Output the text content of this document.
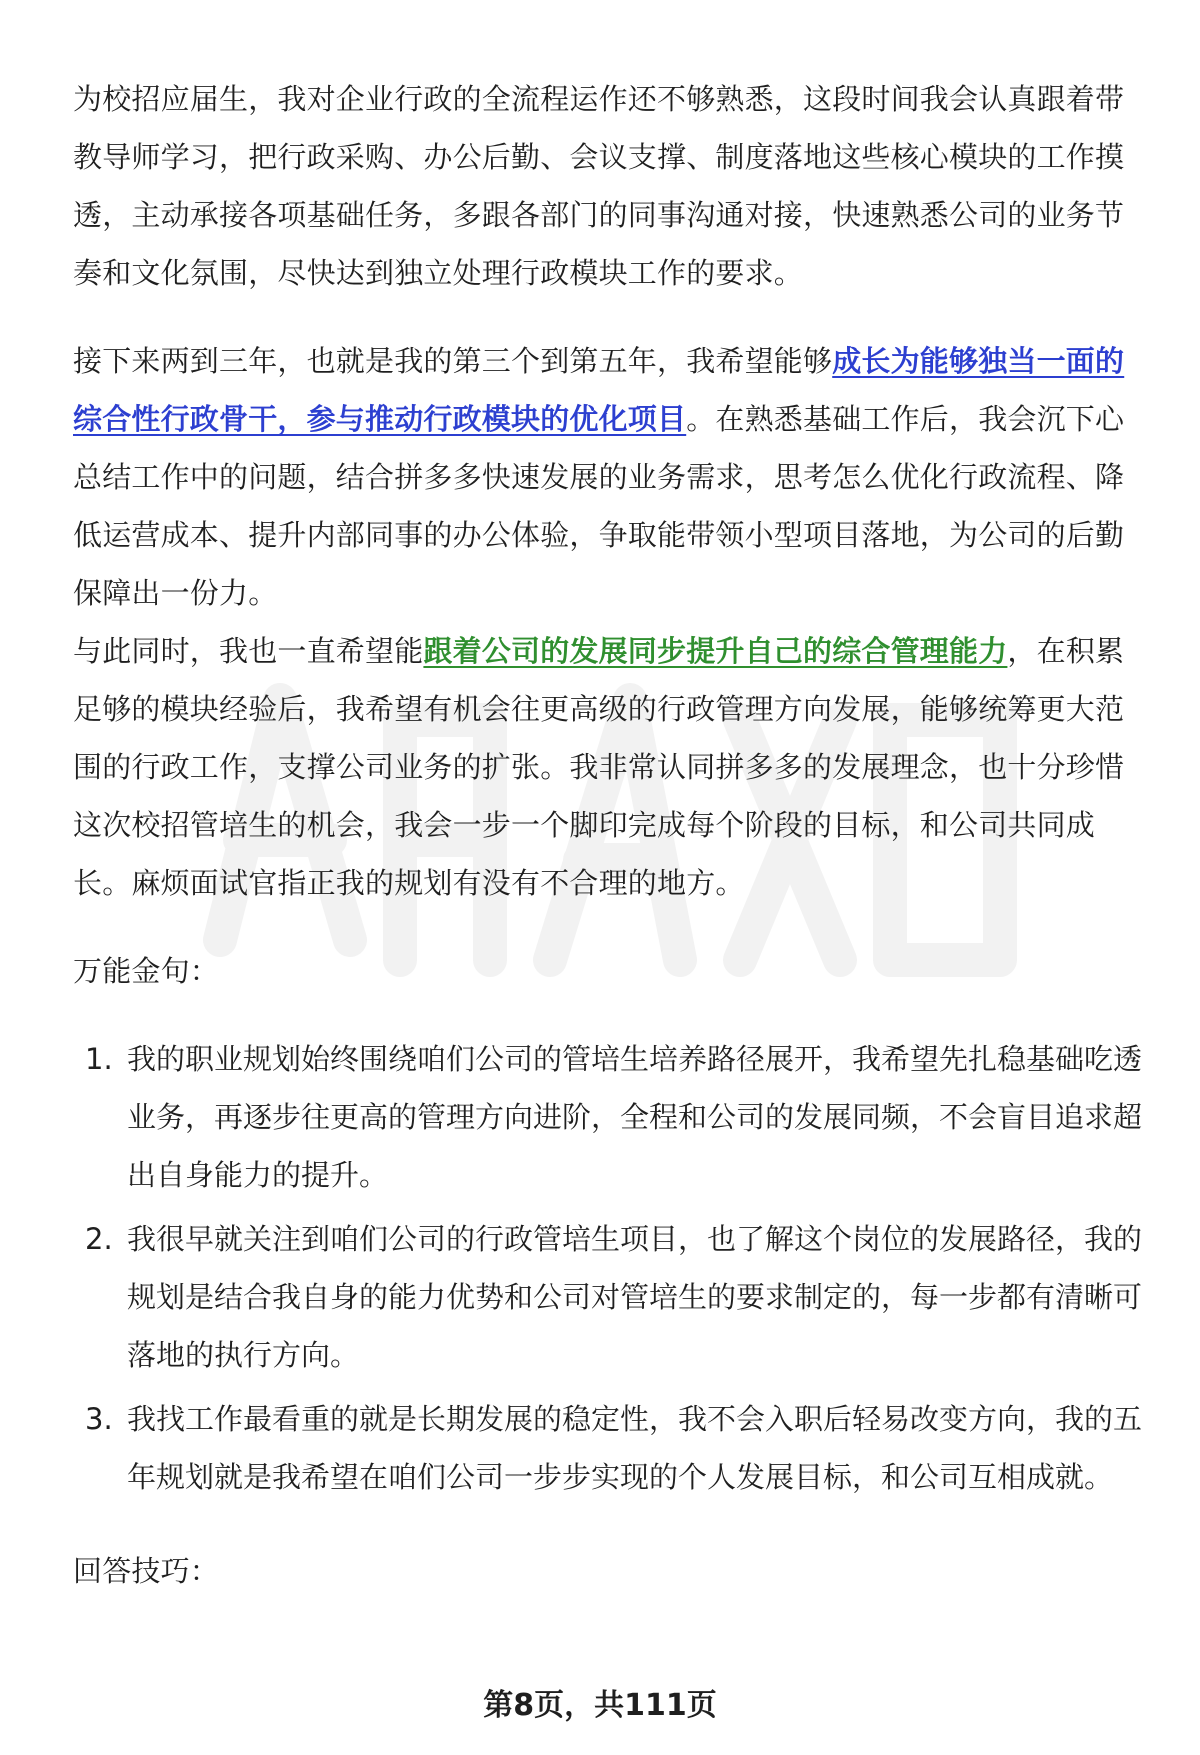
为校招应届生，我对企业行政的全流程运作还不够熟悉，这段时间我会认真跟着带教导师学习，把行政采购、办公后勤、会议支撑、制度落地这些核心模块的工作摸透，主动承接各项基础任务，多跟各部门的同事沟通对接，快速熟悉公司的业务节奏和文化氛围，尽快达到独立处理行政模块工作的要求。

接下来两到三年，也就是我的第三个到第五年，我希望能够成长为能够独当一面的综合性行政骨干，参与推动行政模块的优化项目。在熟悉基础工作后，我会沉下心总结工作中的问题，结合拼多多快速发展的业务需求，思考怎么优化行政流程、降低运营成本、提升内部同事的办公体验，争取能带领小型项目落地，为公司的后勤保障出一份力。

与此同时，我也一直希望能跟着公司的发展同步提升自己的综合管理能力，在积累足够的模块经验后，我希望有机会往更高级的行政管理方向发展，能够统筹更大范围的行政工作，支撑公司业务的扩张。我非常认同拼多多的发展理念，也十分珍惜这次校招管培生的机会，我会一步一个脚印完成每个阶段的目标，和公司共同成长。麻烦面试官指正我的规划有没有不合理的地方。

万能金句：

1. 我的职业规划始终围绕咱们公司的管培生培养路径展开，我希望先扎稳基础吃透业务，再逐步往更高的管理方向进阶，全程和公司的发展同频，不会盲目追求超出自身能力的提升。
2. 我很早就关注到咱们公司的行政管培生项目，也了解这个岗位的发展路径，我的规划是结合我自身的能力优势和公司对管培生的要求制定的，每一步都有清晰可落地的执行方向。
3. 我找工作最看重的就是长期发展的稳定性，我不会入职后轻易改变方向，我的五年规划就是我希望在咱们公司一步步实现的个人发展目标，和公司互相成就。

回答技巧：

第8页，共111页
